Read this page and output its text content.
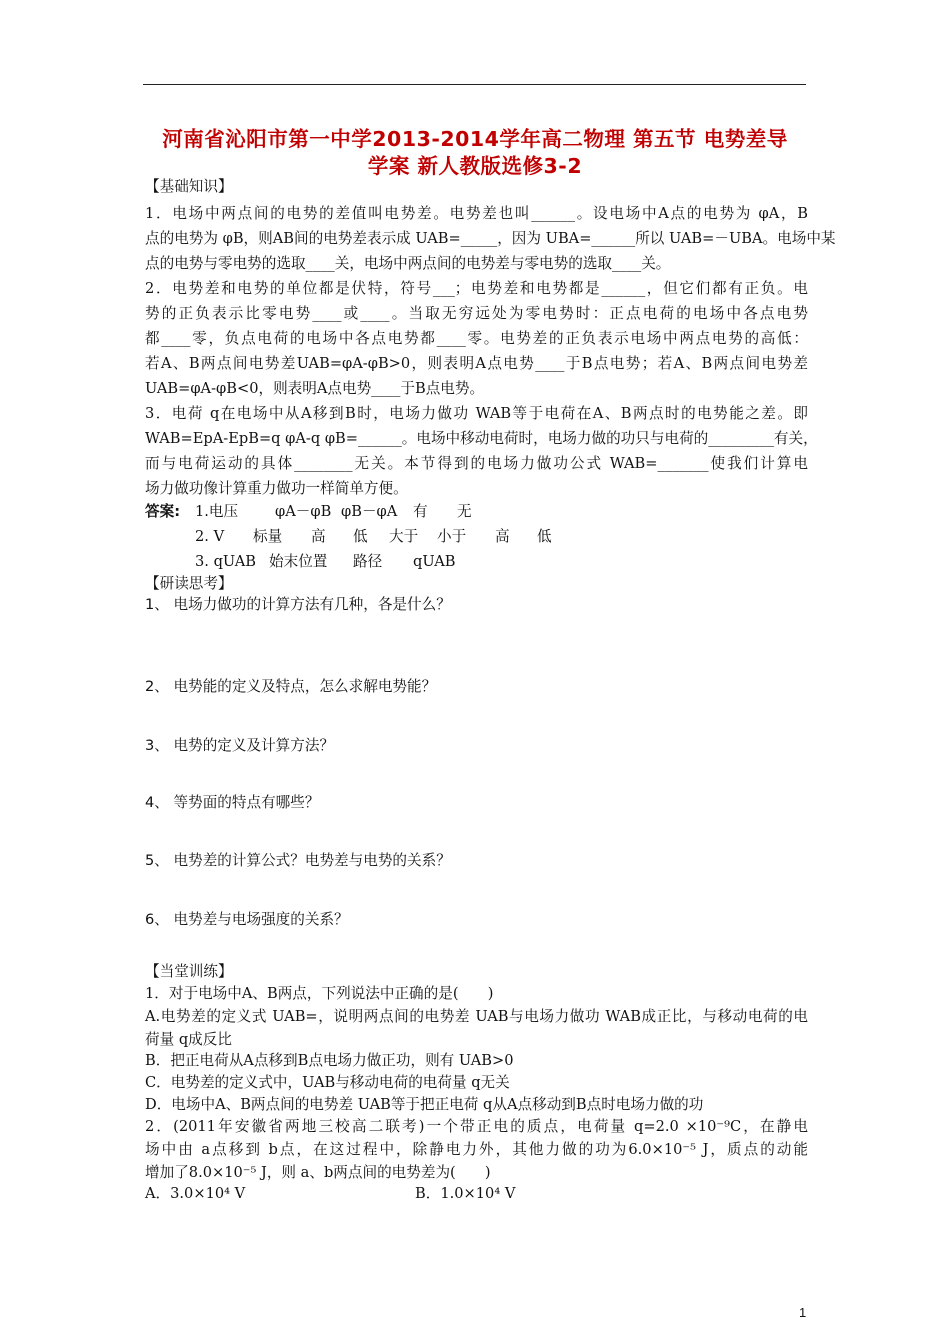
河南省沁阳市第一中学2013-2014学年高二物理 第五节 电势差导
学案 新人教版选修3-2
【基础知识】
1．电场中两点间的电势的差值叫电势差。电势差也叫______。设电场中A点的电势为 φA，B
点的电势为 φB，则AB间的电势差表示成 UAB=_____，因为 UBA=______所以 UAB=－UBA。电场中某
点的电势与零电势的选取____关，电场中两点间的电势差与零电势的选取____关。
2．电势差和电势的单位都是伏特，符号___；电势差和电势都是______，但它们都有正负。电
势的正负表示比零电势____或____。当取无穷远处为零电势时：正点电荷的电场中各点电势
都____零，负点电荷的电场中各点电势都____零。电势差的正负表示电场中两点电势的高低：
若A、B两点间电势差UAB=φA-φB>0，则表明A点电势____于B点电势；若A、B两点间电势差
UAB=φA-φB<0，则表明A点电势____于B点电势。
3．电荷 q在电场中从A移到B时，电场力做功 WAB等于电荷在A、B两点时的电势能之差。即
WAB=EpA-EpB=q φA-q φB=______。电场中移动电荷时，电场力做的功只与电荷的_________有关，
而与电荷运动的具体________无关。本节得到的电场力做功公式 WAB=_______使我们计算电
场力做功像计算重力做功一样简单方便。
答案: 1.电压	φA－φB φB－φA 有 无
2. V 标量 高 低 大于 小于 高 低
3. qUAB 始末位置 路径 qUAB
【研读思考】
1、 电场力做功的计算方法有几种，各是什么？
2、 电势能的定义及特点，怎么求解电势能？
3、 电势的定义及计算方法？
4、 等势面的特点有哪些？
5、 电势差的计算公式？电势差与电势的关系？
6、 电势差与电场强度的关系？
【当堂训练】
1．对于电场中A、B两点，下列说法中正确的是(　　)
A.电势差的定义式 UAB=，说明两点间的电势差 UAB与电场力做功 WAB成正比，与移动电荷的电
荷量 q成反比
B．把正电荷从A点移到B点电场力做正功，则有 UAB>0
C．电势差的定义式中，UAB与移动电荷的电荷量 q无关
D．电场中A、B两点间的电势差 UAB等于把正电荷 q从A点移动到B点时电场力做的功
2．(2011年安徽省两地三校高二联考)一个带正电的质点，电荷量 q=2.0 ×10⁻⁹C，在静电
场中由 a点移到 b点，在这过程中，除静电力外，其他力做的功为6.0×10⁻⁵ J，质点的动能
增加了8.0×10⁻⁵ J，则 a、b两点间的电势差为(　　)
A．3.0×10⁴ V	B．1.0×10⁴ V
1
